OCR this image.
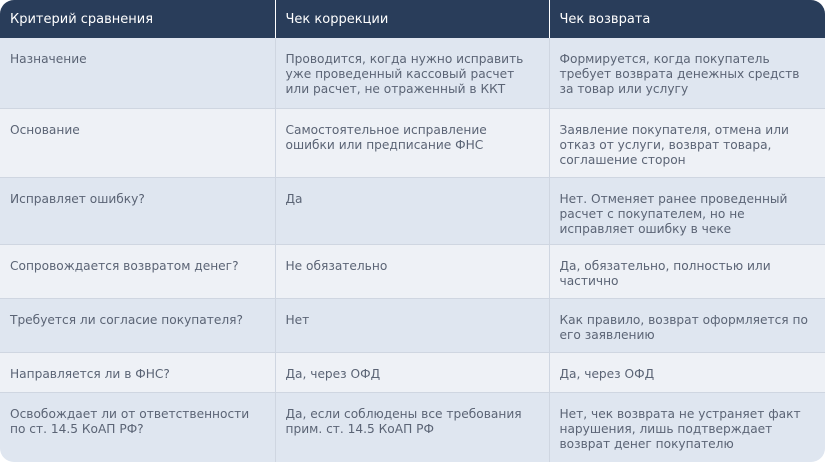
Критерий сравнения	Чек коррекции	Чек возврата
Назначение	Проводится, когда нужно исправить уже проведенный кассовый расчет или расчет, не отраженный в ККТ	Формируется, когда покупатель требует возврата денежных средств за товар или услугу
Основание	Самостоятельное исправление ошибки или предписание ФНС	Заявление покупателя, отмена или отказ от услуги, возврат товара, соглашение сторон
Исправляет ошибку?	Да	Нет. Отменяет ранее проведенный расчет с покупателем, но не исправляет ошибку в чеке
Сопровождается возвратом денег?	Не обязательно	Да, обязательно, полностью или частично
Требуется ли согласие покупателя?	Нет	Как правило, возврат оформляется по его заявлению
Направляется ли в ФНС?	Да, через ОФД	Да, через ОФД
Освобождает ли от ответственности по ст. 14.5 КоАП РФ?	Да, если соблюдены все требования прим. ст. 14.5 КоАП РФ	Нет, чек возврата не устраняет факт нарушения, лишь подтверждает возврат денег покупателю
